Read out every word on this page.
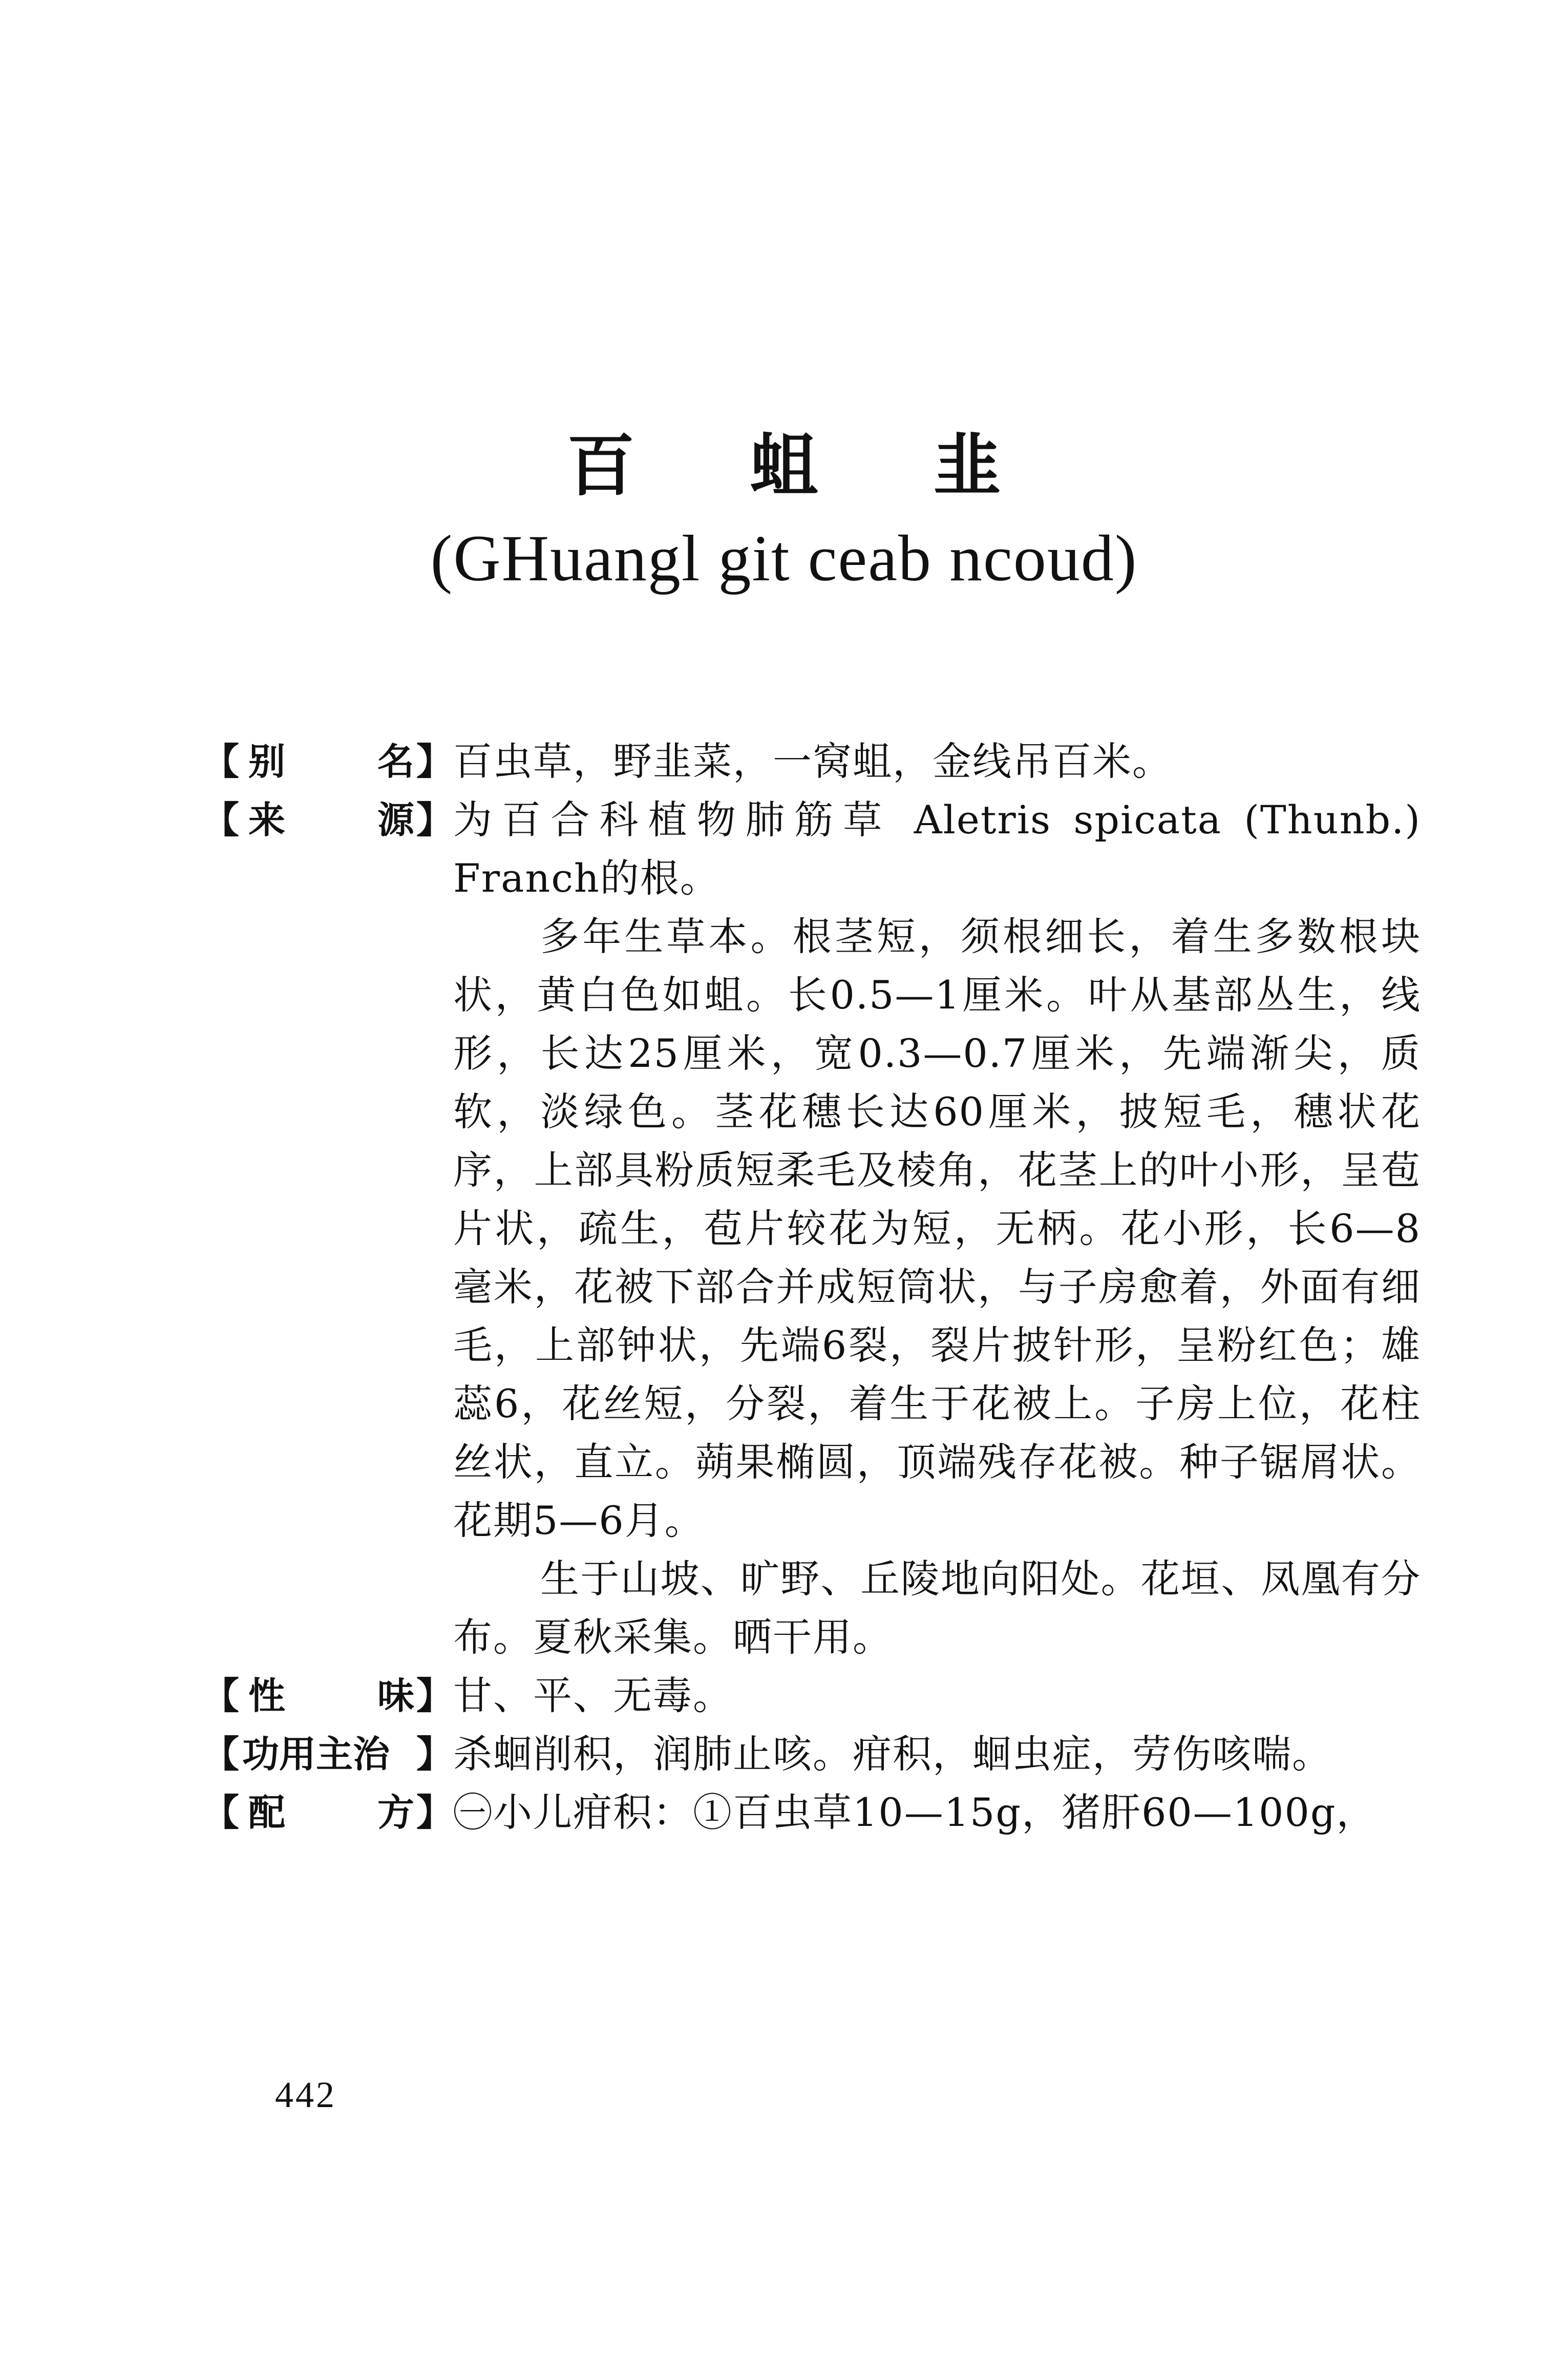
百 蛆 韭
(GHuangl git ceab ncoud)
【 别 名 】 百虫草，野韭菜，一窝蛆，金线吊百米。
【 来 源 】 为百合科植物肺筋草 Aletris spicata (Thunb.) Franch的根。
多年生草本。根茎短，须根细长，着生多数根块状，黄白色如蛆。长0.5—1厘米。叶从基部丛生，线形，长达25厘米，宽0.3—0.7厘米，先端渐尖，质软，淡绿色。茎花穗长达60厘米，披短毛，穗状花序，上部具粉质短柔毛及棱角，花茎上的叶小形，呈苞片状，疏生，苞片较花为短，无柄。花小形，长6—8毫米，花被下部合并成短筒状，与子房愈着，外面有细毛，上部钟状，先端6裂，裂片披针形，呈粉红色；雄蕊6，花丝短，分裂，着生于花被上。子房上位，花柱丝状，直立。蒴果椭圆，顶端残存花被。种子锯屑状。花期5—6月。
生于山坡、旷野、丘陵地向阳处。花垣、凤凰有分布。夏秋采集。晒干用。
【 性 味 】 甘、平、无毒。
【 功用主治 】 杀蛔削积，润肺止咳。疳积，蛔虫症，劳伤咳喘。
【 配 方 】 ㊀小儿疳积：①百虫草10—15g，猪肝60—100g，
442
